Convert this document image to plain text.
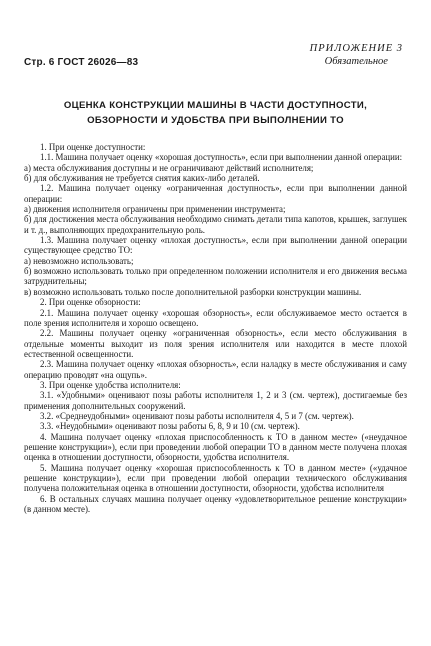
Стр. 6 ГОСТ 26026—83
ПРИЛОЖЕНИЕ 3
Обязательное
ОЦЕНКА КОНСТРУКЦИИ МАШИНЫ В ЧАСТИ ДОСТУПНОСТИ,
ОБЗОРНОСТИ И УДОБСТВА ПРИ ВЫПОЛНЕНИИ ТО

1. При оценке доступности:

1.1. Машина получает оценку «хорошая доступность», если при выполнении данной операции:

а) места обслуживания доступны и не ограничивают действий исполнителя;

б) для обслуживания не требуется снятия каких-либо деталей.

1.2. Машина получает оценку «ограниченная доступность», если при выполнении данной операции:

а) движения исполнителя ограничены при применении инструмента;

б) для достижения места обслуживания необходимо снимать детали типа капотов, крышек, заглушек и т. д., выполняющих предохранительную роль.

1.3. Машина получает оценку «плохая доступность», если при выполнении данной операции существующее средство ТО:

а) невозможно использовать;

б) возможно использовать только при определенном положении исполнителя и его движения весьма затруднительны;

в) возможно использовать только после дополнительной разборки конструкции машины.

2. При оценке обзорности:

2.1. Машина получает оценку «хорошая обзорность», если обслуживаемое место остается в поле зрения исполнителя и хорошо освещено.

2.2. Машины получает оценку «ограниченная обзорность», если место обслуживания в отдельные моменты выходит из поля зрения исполнителя или находится в месте плохой естественной освещенности.

2.3. Машина получает оценку «плохая обзорность», если наладку в месте обслуживания и саму операцию проводят «на ощупь».

3. При оценке удобства исполнителя:

3.1. «Удобными» оценивают позы работы исполнителя 1, 2 и 3 (см. чертеж), достигаемые без применения дополнительных сооружений.

3.2. «Среднеудобными» оценивают позы работы исполнителя 4, 5 и 7 (см. чертеж).

3.3. «Неудобными» оценивают позы работы 6, 8, 9 и 10 (см. чертеж).

4. Машина получает оценку «плохая приспособленность к ТО в данном месте» («неудачное решение конструкции»), если при проведении любой операции ТО в данном месте получена плохая оценка в отношении доступности, обзорности, удобства исполнителя.

5. Машина получает оценку «хорошая приспособленность к ТО в данном месте» («удачное решение конструкции»), если при проведении любой операции технического обслуживания получена положительная оценка в отношении доступности, обзорности, удобства исполнителя

6. В остальных случаях машина получает оценку «удовлетворительное решение конструкции» (в данном месте).
